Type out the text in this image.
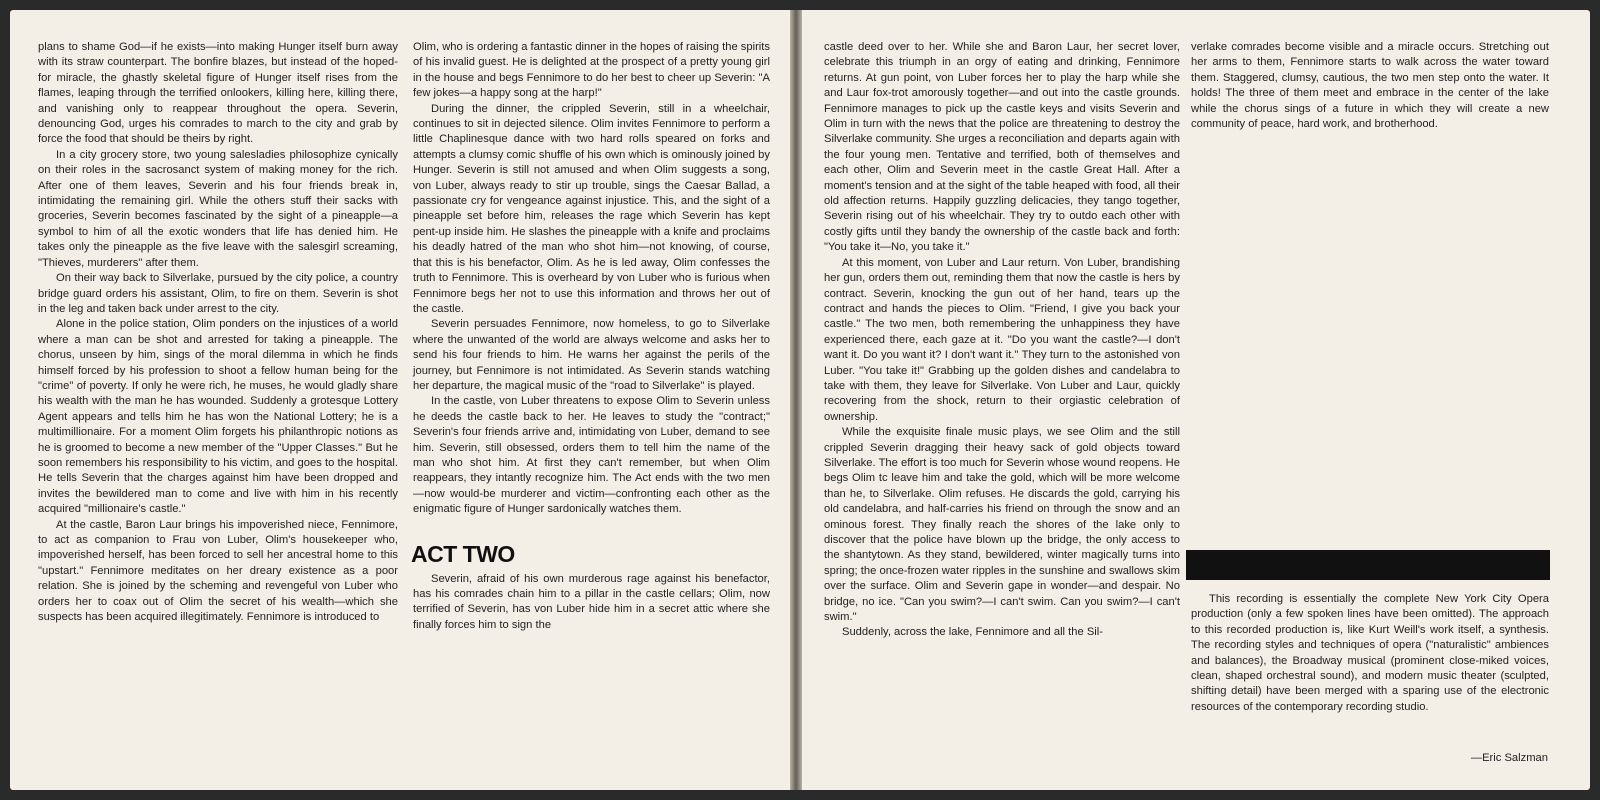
plans to shame God—if he exists—into making Hunger itself burn away with its straw counterpart. The bonfire blazes, but instead of the hoped-for miracle, the ghastly skeletal figure of Hunger itself rises from the flames, leaping through the terrified onlookers, killing here, killing there, and vanishing only to reappear throughout the opera. Severin, denouncing God, urges his comrades to march to the city and grab by force the food that should be theirs by right.

In a city grocery store, two young salesladies philosophize cynically on their roles in the sacrosanct system of making money for the rich. After one of them leaves, Severin and his four friends break in, intimidating the remaining girl. While the others stuff their sacks with groceries, Severin becomes fascinated by the sight of a pineapple—a symbol to him of all the exotic wonders that life has denied him. He takes only the pineapple as the five leave with the salesgirl screaming, "Thieves, murderers" after them.

On their way back to Silverlake, pursued by the city police, a country bridge guard orders his assistant, Olim, to fire on them. Severin is shot in the leg and taken back under arrest to the city.

Alone in the police station, Olim ponders on the injustices of a world where a man can be shot and arrested for taking a pineapple. The chorus, unseen by him, sings of the moral dilemma in which he finds himself forced by his profession to shoot a fellow human being for the "crime" of poverty. If only he were rich, he muses, he would gladly share his wealth with the man he has wounded. Suddenly a grotesque Lottery Agent appears and tells him he has won the National Lottery; he is a multimillionaire. For a moment Olim forgets his philanthropic notions as he is groomed to become a new member of the "Upper Classes." But he soon remembers his responsibility to his victim, and goes to the hospital. He tells Severin that the charges against him have been dropped and invites the bewildered man to come and live with him in his recently acquired "millionaire's castle."

At the castle, Baron Laur brings his impoverished niece, Fennimore, to act as companion to Frau von Luber, Olim's housekeeper who, impoverished herself, has been forced to sell her ancestral home to this "upstart." Fennimore meditates on her dreary existence as a poor relation. She is joined by the scheming and revengeful von Luber who orders her to coax out of Olim the secret of his wealth—which she suspects has been acquired illegitimately. Fennimore is introduced to

Olim, who is ordering a fantastic dinner in the hopes of raising the spirits of his invalid guest. He is delighted at the prospect of a pretty young girl in the house and begs Fennimore to do her best to cheer up Severin: "A few jokes—a happy song at the harp!"

During the dinner, the crippled Severin, still in a wheelchair, continues to sit in dejected silence. Olim invites Fennimore to perform a little Chaplinesque dance with two hard rolls speared on forks and attempts a clumsy comic shuffle of his own which is ominously joined by Hunger. Severin is still not amused and when Olim suggests a song, von Luber, always ready to stir up trouble, sings the Caesar Ballad, a passionate cry for vengeance against injustice. This, and the sight of a pineapple set before him, releases the rage which Severin has kept pent-up inside him. He slashes the pineapple with a knife and proclaims his deadly hatred of the man who shot him—not knowing, of course, that this is his benefactor, Olim. As he is led away, Olim confesses the truth to Fennimore. This is overheard by von Luber who is furious when Fennimore begs her not to use this information and throws her out of the castle.

Severin persuades Fennimore, now homeless, to go to Silverlake where the unwanted of the world are always welcome and asks her to send his four friends to him. He warns her against the perils of the journey, but Fennimore is not intimidated. As Severin stands watching her departure, the magical music of the "road to Silverlake" is played.

In the castle, von Luber threatens to expose Olim to Severin unless he deeds the castle back to her. He leaves to study the "contract;" Severin's four friends arrive and, intimidating von Luber, demand to see him. Severin, still obsessed, orders them to tell him the name of the man who shot him. At first they can't remember, but when Olim reappears, they intantly recognize him. The Act ends with the two men—now would-be murderer and victim—confronting each other as the enigmatic figure of Hunger sardonically watches them.

ACT TWO

Severin, afraid of his own murderous rage against his benefactor, has his comrades chain him to a pillar in the castle cellars; Olim, now terrified of Severin, has von Luber hide him in a secret attic where she finally forces him to sign the

castle deed over to her. While she and Baron Laur, her secret lover, celebrate this triumph in an orgy of eating and drinking, Fennimore returns. At gun point, von Luber forces her to play the harp while she and Laur fox-trot amorously together—and out into the castle grounds. Fennimore manages to pick up the castle keys and visits Severin and Olim in turn with the news that the police are threatening to destroy the Silverlake community. She urges a reconciliation and departs again with the four young men. Tentative and terrified, both of themselves and each other, Olim and Severin meet in the castle Great Hall. After a moment's tension and at the sight of the table heaped with food, all their old affection returns. Happily guzzling delicacies, they tango together, Severin rising out of his wheelchair. They try to outdo each other with costly gifts until they bandy the ownership of the castle back and forth: "You take it—No, you take it."

At this moment, von Luber and Laur return. Von Luber, brandishing her gun, orders them out, reminding them that now the castle is hers by contract. Severin, knocking the gun out of her hand, tears up the contract and hands the pieces to Olim. "Friend, I give you back your castle." The two men, both remembering the unhappiness they have experienced there, each gaze at it. "Do you want the castle?—I don't want it. Do you want it? I don't want it." They turn to the astonished von Luber. "You take it!" Grabbing up the golden dishes and candelabra to take with them, they leave for Silverlake. Von Luber and Laur, quickly recovering from the shock, return to their orgiastic celebration of ownership.

While the exquisite finale music plays, we see Olim and the still crippled Severin dragging their heavy sack of gold objects toward Silverlake. The effort is too much for Severin whose wound reopens. He begs Olim tc leave him and take the gold, which will be more welcome than he, to Silverlake. Olim refuses. He discards the gold, carrying his old candelabra, and half-carries his friend on through the snow and an ominous forest. They finally reach the shores of the lake only to discover that the police have blown up the bridge, the only access to the shantytown. As they stand, bewildered, winter magically turns into spring; the once-frozen water ripples in the sunshine and swallows skim over the surface. Olim and Severin gape in wonder—and despair. No bridge, no ice. "Can you swim?—I can't swim. Can you swim?—I can't swim."

Suddenly, across the lake, Fennimore and all the Sil-

verlake comrades become visible and a miracle occurs. Stretching out her arms to them, Fennimore starts to walk across the water toward them. Staggered, clumsy, cautious, the two men step onto the water. It holds! The three of them meet and embrace in the center of the lake while the chorus sings of a future in which they will create a new community of peace, hard work, and brotherhood.

This recording is essentially the complete New York City Opera production (only a few spoken lines have been omitted). The approach to this recorded production is, like Kurt Weill's work itself, a synthesis. The recording styles and techniques of opera ("naturalistic" ambiences and balances), the Broadway musical (prominent close-miked voices, clean, shaped orchestral sound), and modern music theater (sculpted, shifting detail) have been merged with a sparing use of the electronic resources of the contemporary recording studio.

—Eric Salzman
